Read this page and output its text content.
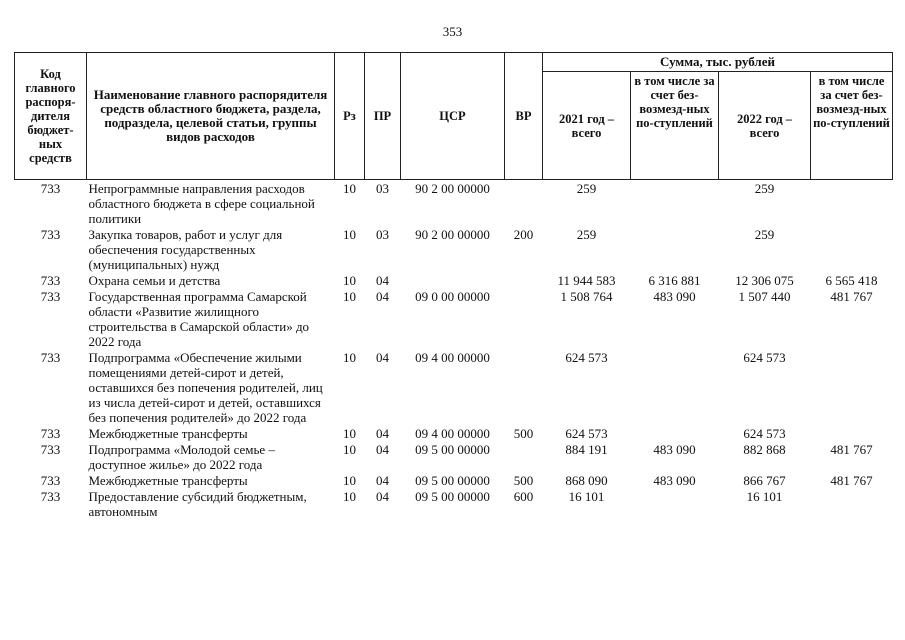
353
Код главного распоря-дителя бюджет-ных средств	Наименование главного распорядителя средств областного бюджета, раздела, подраздела, целевой статьи, группы видов расходов	Рз	ПР	ЦСР	ВР	Сумма, тыс. рублей			
						2021 год – всего	в том числе за счет без-возмезд-ных по-ступлений	2022 год – всего	в том числе за счет без-возмезд-ных по-ступлений
733	Непрограммные направления расходов областного бюджета в сфере социальной политики	10	03	90 2 00 00000		259		259	
733	Закупка товаров, работ и услуг для обеспечения государственных (муниципальных) нужд	10	03	90 2 00 00000	200	259		259	
733	Охрана семьи и детства	10	04			11 944 583	6 316 881	12 306 075	6 565 418
733	Государственная программа Самарской области «Развитие жилищного строительства в Самарской области» до 2022 года	10	04	09 0 00 00000		1 508 764	483 090	1 507 440	481 767
733	Подпрограмма «Обеспечение жилыми помещениями детей-сирот и детей, оставшихся без попечения родителей, лиц из числа детей-сирот и детей, оставшихся без попечения родителей» до 2022 года	10	04	09 4 00 00000		624 573		624 573	
733	Межбюджетные трансферты	10	04	09 4 00 00000	500	624 573		624 573	
733	Подпрограмма «Молодой семье – доступное жилье» до 2022 года	10	04	09 5 00 00000		884 191	483 090	882 868	481 767
733	Межбюджетные трансферты	10	04	09 5 00 00000	500	868 090	483 090	866 767	481 767
733	Предоставление субсидий бюджетным, автономным	10	04	09 5 00 00000	600	16 101		16 101	
